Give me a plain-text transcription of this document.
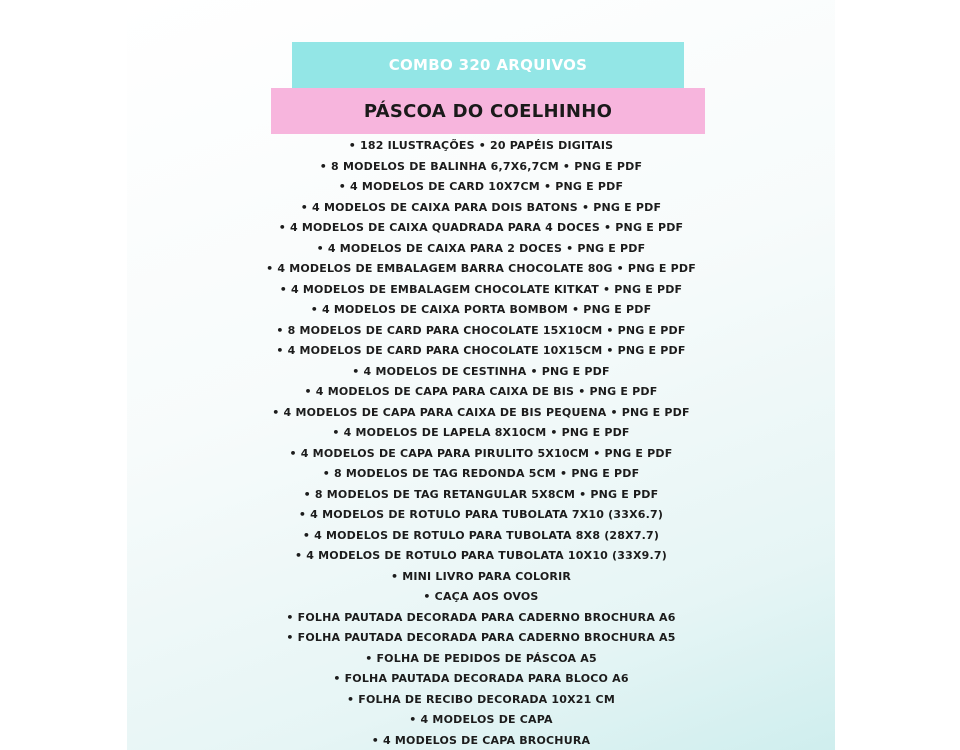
COMBO 320 ARQUIVOS
PÁSCOA DO COELHINHO
• 182 ILUSTRAÇÕES • 20 PAPÉIS DIGITAIS
• 8 MODELOS DE BALINHA 6,7X6,7CM • PNG E PDF
• 4 MODELOS DE CARD 10X7CM • PNG E PDF
• 4 MODELOS DE CAIXA PARA DOIS BATONS • PNG E PDF
• 4 MODELOS DE CAIXA QUADRADA PARA 4 DOCES • PNG E PDF
• 4 MODELOS DE CAIXA PARA 2 DOCES • PNG E PDF
• 4 MODELOS DE EMBALAGEM BARRA CHOCOLATE 80G • PNG E PDF
• 4 MODELOS DE EMBALAGEM CHOCOLATE KITKAT • PNG E PDF
• 4 MODELOS DE CAIXA PORTA BOMBOM • PNG E PDF
• 8 MODELOS DE CARD PARA CHOCOLATE 15X10CM • PNG E PDF
• 4 MODELOS DE CARD PARA CHOCOLATE 10X15CM • PNG E PDF
• 4 MODELOS DE CESTINHA • PNG E PDF
• 4 MODELOS DE CAPA PARA CAIXA DE BIS • PNG E PDF
• 4 MODELOS DE CAPA PARA CAIXA DE BIS PEQUENA • PNG E PDF
• 4 MODELOS DE LAPELA 8X10CM • PNG E PDF
• 4 MODELOS DE CAPA PARA PIRULITO 5X10CM • PNG E PDF
• 8 MODELOS DE TAG REDONDA 5CM • PNG E PDF
• 8 MODELOS DE TAG RETANGULAR 5X8CM • PNG E PDF
• 4 MODELOS DE ROTULO PARA TUBOLATA 7X10 (33X6.7)
• 4 MODELOS DE ROTULO PARA TUBOLATA 8X8 (28X7.7)
• 4 MODELOS DE ROTULO PARA TUBOLATA 10X10 (33X9.7)
• MINI LIVRO PARA COLORIR
• CAÇA AOS OVOS
• FOLHA PAUTADA DECORADA PARA CADERNO BROCHURA A6
• FOLHA PAUTADA DECORADA PARA CADERNO BROCHURA A5
• FOLHA DE PEDIDOS DE PÁSCOA A5
• FOLHA PAUTADA DECORADA PARA BLOCO A6
• FOLHA DE RECIBO DECORADA 10X21 CM
• 4 MODELOS DE CAPA
• 4 MODELOS DE CAPA BROCHURA
